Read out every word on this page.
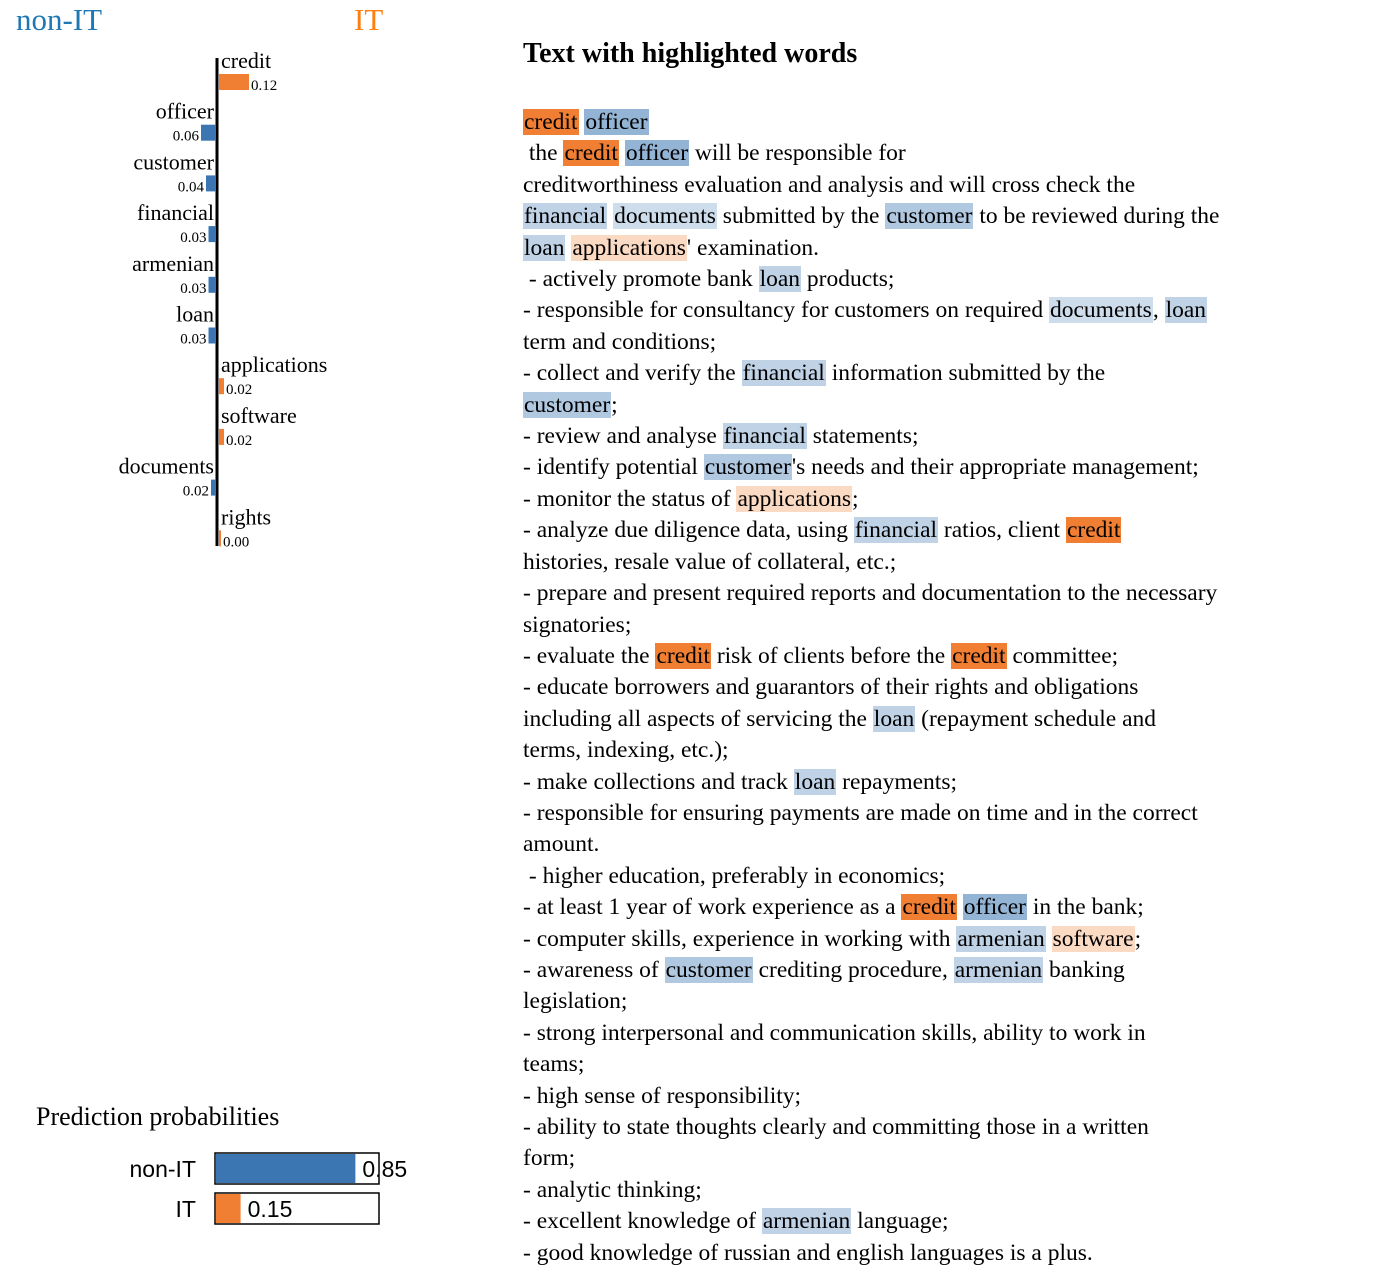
non-IT	IT
credit
0.12
officer
0.06
customer
0.04
financial
0.03
armenian
0.03
loan
0.03
applications
0.02
software
0.02
documents
0.02
rights
0.00
Prediction probabilities
non-IT	0.85
IT 0.15
Text with highlighted words
credit officer
the credit officer will be responsible for
creditworthiness evaluation and analysis and will cross check the
financial documents submitted by the customer to be reviewed during the
loan applications' examination.
- actively promote bank loan products;
- responsible for consultancy for customers on required documents, loan
term and conditions;
- collect and verify the financial information submitted by the
customer;
- review and analyse financial statements;
- identify potential customer's needs and their appropriate management;
- monitor the status of applications;
- analyze due diligence data, using financial ratios, client credit
histories, resale value of collateral, etc.;
- prepare and present required reports and documentation to the necessary
signatories;
- evaluate the credit risk of clients before the credit committee;
- educate borrowers and guarantors of their rights and obligations
including all aspects of servicing the loan (repayment schedule and
terms, indexing, etc.);
- make collections and track loan repayments;
- responsible for ensuring payments are made on time and in the correct
amount.
- higher education, preferably in economics;
- at least 1 year of work experience as a credit officer in the bank;
- computer skills, experience in working with armenian software;
- awareness of customer crediting procedure, armenian banking
legislation;
- strong interpersonal and communication skills, ability to work in
teams;
- high sense of responsibility;
- ability to state thoughts clearly and committing those in a written
form;
- analytic thinking;
- excellent knowledge of armenian language;
- good knowledge of russian and english languages is a plus.
